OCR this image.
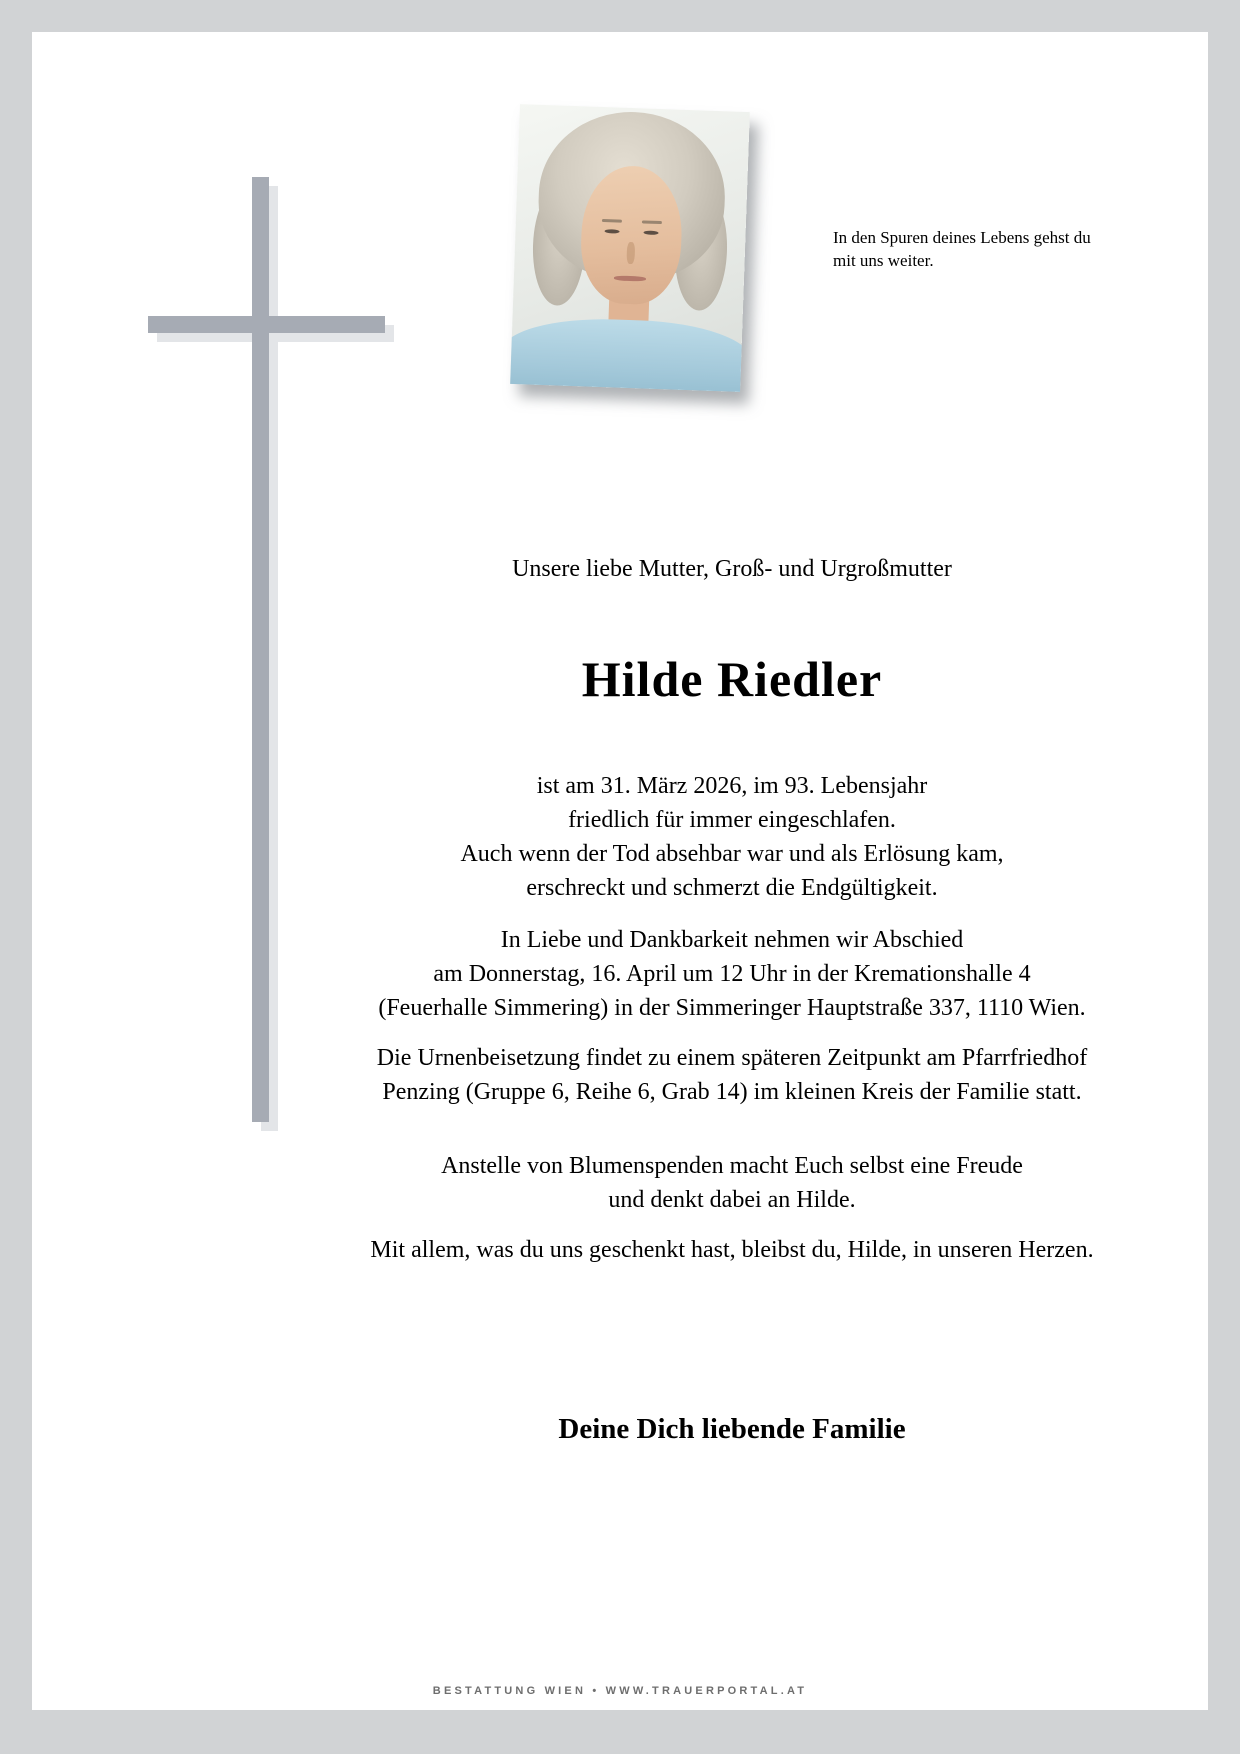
In den Spuren deines Lebens gehst du
mit uns weiter.
Unsere liebe Mutter, Groß- und Urgroßmutter
Hilde Riedler
ist am 31. März 2026, im 93. Lebensjahr
friedlich für immer eingeschlafen.
Auch wenn der Tod absehbar war und als Erlösung kam,
erschreckt und schmerzt die Endgültigkeit.
In Liebe und Dankbarkeit nehmen wir Abschied
am Donnerstag, 16. April um 12 Uhr in der Kremationshalle 4
(Feuerhalle Simmering) in der Simmeringer Hauptstraße 337, 1110 Wien.
Die Urnenbeisetzung findet zu einem späteren Zeitpunkt am Pfarrfriedhof
Penzing (Gruppe 6, Reihe 6, Grab 14) im kleinen Kreis der Familie statt.
Anstelle von Blumenspenden macht Euch selbst eine Freude
und denkt dabei an Hilde.
Mit allem, was du uns geschenkt hast, bleibst du, Hilde, in unseren Herzen.
Deine Dich liebende Familie
BESTATTUNG WIEN • WWW.TRAUERPORTAL.AT
